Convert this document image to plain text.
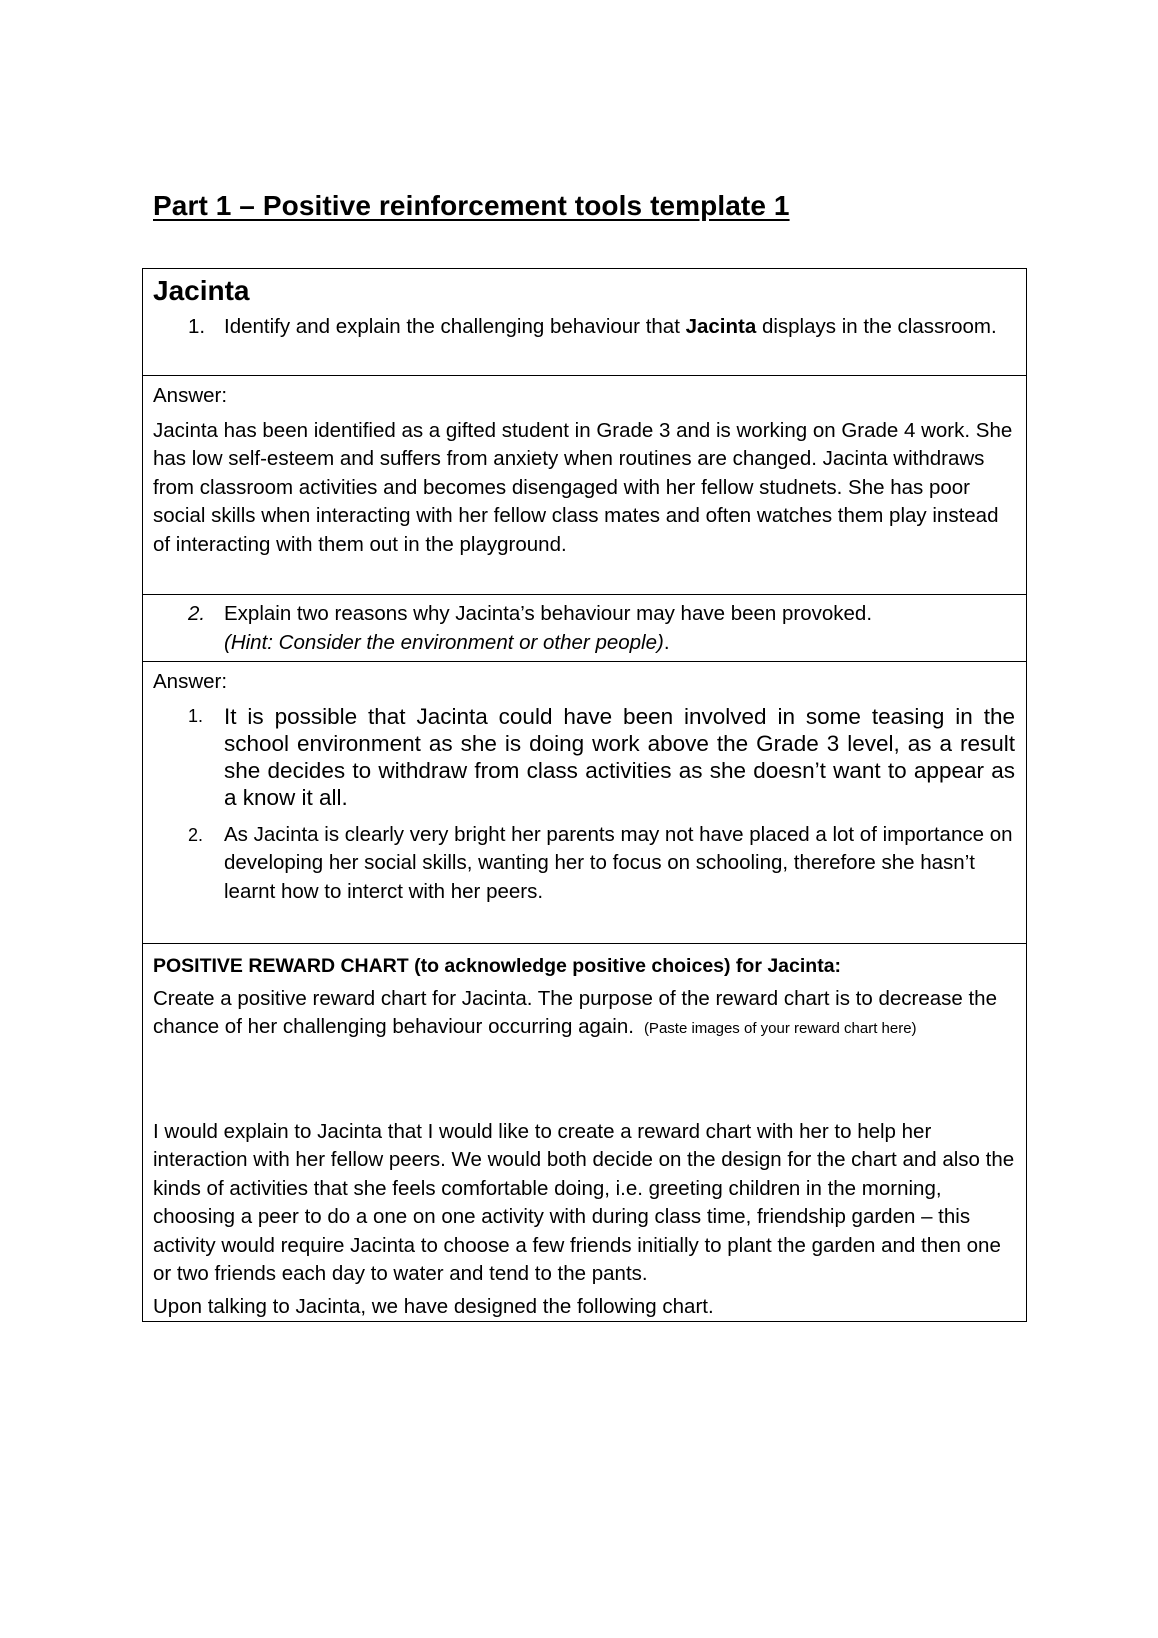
Part 1 – Positive reinforcement tools template 1
Jacinta
1. Identify and explain the challenging behaviour that Jacinta displays in the classroom.

Answer:

Jacinta has been identified as a gifted student in Grade 3 and is working on Grade 4 work. She has low self-esteem and suffers from anxiety when routines are changed. Jacinta withdraws from classroom activities and becomes disengaged with her fellow studnets. She has poor social skills when interacting with her fellow class mates and often watches them play instead of interacting with them out in the playground.

2. Explain two reasons why Jacinta’s behaviour may have been provoked.
(Hint: Consider the environment or other people).

Answer:

1. It is possible that Jacinta could have been involved in some teasing in the school environment as she is doing work above the Grade 3 level, as a result she decides to withdraw from class activities as she doesn’t want to appear as a know it all.
2. As Jacinta is clearly very bright her parents may not have placed a lot of importance on developing her social skills, wanting her to focus on schooling, therefore she hasn’t learnt how to interct with her peers.

POSITIVE REWARD CHART (to acknowledge positive choices) for Jacinta:

Create a positive reward chart for Jacinta. The purpose of the reward chart is to decrease the chance of her challenging behaviour occurring again. (Paste images of your reward chart here)

I would explain to Jacinta that I would like to create a reward chart with her to help her interaction with her fellow peers. We would both decide on the design for the chart and also the kinds of activities that she feels comfortable doing, i.e. greeting children in the morning, choosing a peer to do a one on one activity with during class time, friendship garden – this activity would require Jacinta to choose a few friends initially to plant the garden and then one or two friends each day to water and tend to the pants.

Upon talking to Jacinta, we have designed the following chart.
